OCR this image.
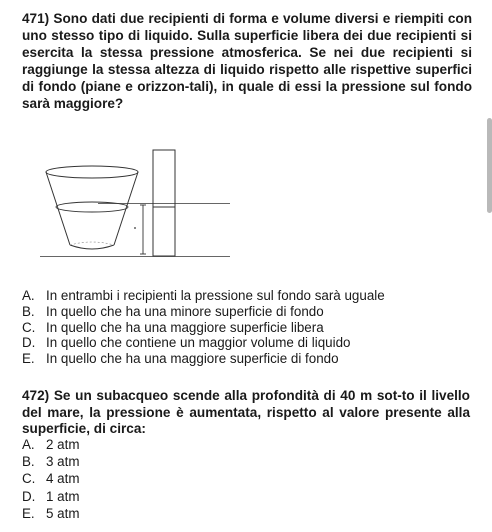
471) Sono dati due recipienti di forma e volume diversi e riempiti con uno stesso tipo di liquido. Sulla superficie libera dei due recipienti si esercita la stessa pressione atmosferica. Se nei due recipienti si raggiunge la stessa altezza di liquido rispetto alle rispettive superfici di fondo (piane e orizzon-tali), in quale di essi la pressione sul fondo sarà maggiore?

A. In entrambi i recipienti la pressione sul fondo sarà uguale
B. In quello che ha una minore superficie di fondo
C. In quello che ha una maggiore superficie libera
D. In quello che contiene un maggior volume di liquido
E. In quello che ha una maggiore superficie di fondo

472) Se un subacqueo scende alla profondità di 40 m sot-to il livello del mare, la pressione è aumentata, rispetto al valore presente alla superficie, di circa:

A. 2 atm
B. 3 atm
C. 4 atm
D. 1 atm
E. 5 atm
